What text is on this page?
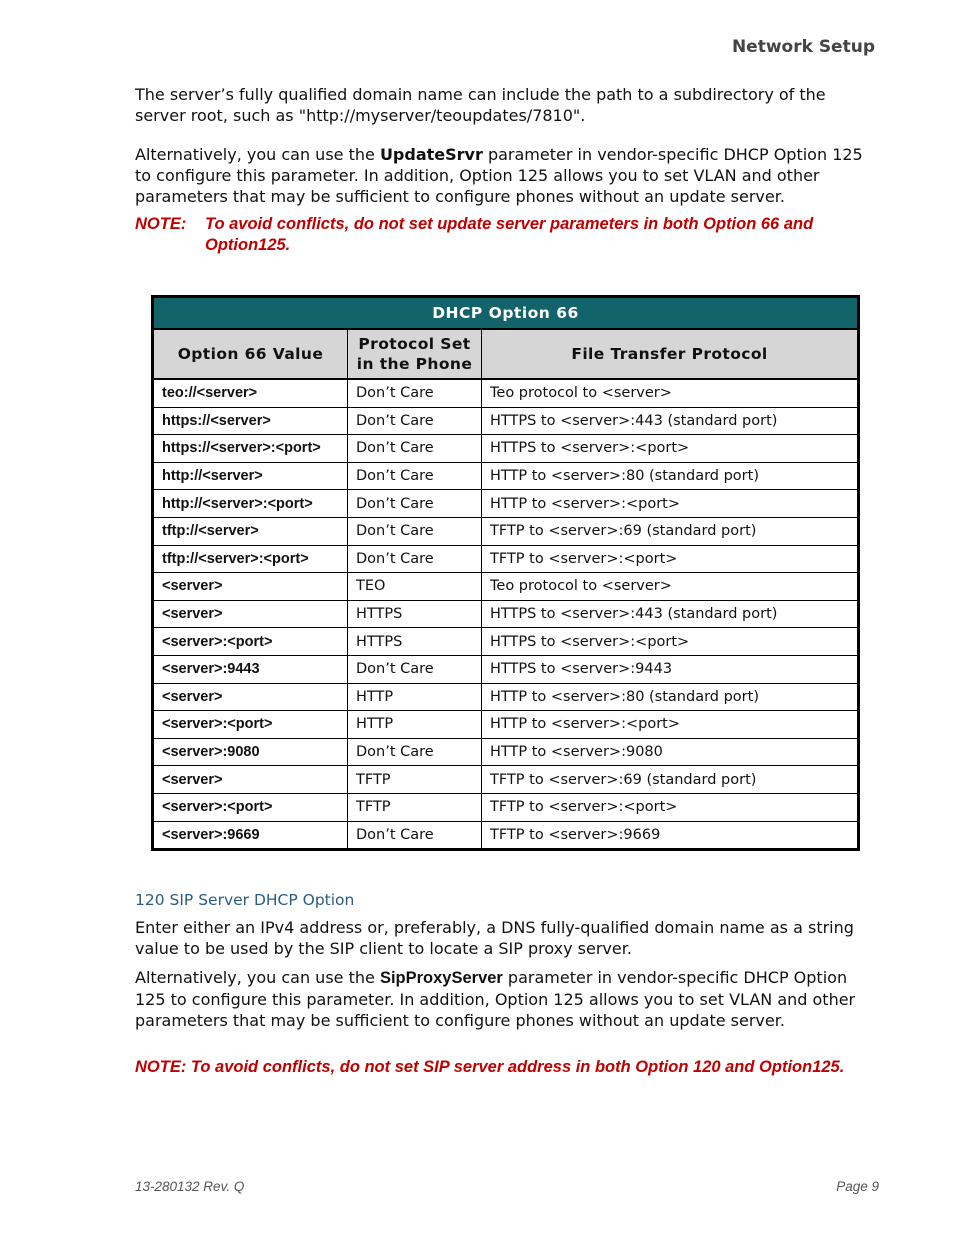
Network Setup
The server’s fully qualified domain name can include the path to a subdirectory of the server root, such as "http://myserver/teoupdates/7810".
Alternatively, you can use the UpdateSrvr parameter in vendor-specific DHCP Option 125 to configure this parameter. In addition, Option 125 allows you to set VLAN and other parameters that may be sufficient to configure phones without an update server.
NOTE: To avoid conflicts, do not set update server parameters in both Option 66 and Option125.
DHCP Option 66		
Option 66 Value	Protocol Set in the Phone	File Transfer Protocol
teo://<server>	Don’t Care	Teo protocol to <server>
https://<server>	Don’t Care	HTTPS to <server>:443 (standard port)
https://<server>:<port>	Don’t Care	HTTPS to <server>:<port>
http://<server>	Don’t Care	HTTP to <server>:80 (standard port)
http://<server>:<port>	Don’t Care	HTTP to <server>:<port>
tftp://<server>	Don’t Care	TFTP to <server>:69 (standard port)
tftp://<server>:<port>	Don’t Care	TFTP to <server>:<port>
<server>	TEO	Teo protocol to <server>
<server>	HTTPS	HTTPS to <server>:443 (standard port)
<server>:<port>	HTTPS	HTTPS to <server>:<port>
<server>:9443	Don’t Care	HTTPS to <server>:9443
<server>	HTTP	HTTP to <server>:80 (standard port)
<server>:<port>	HTTP	HTTP to <server>:<port>
<server>:9080	Don’t Care	HTTP to <server>:9080
<server>	TFTP	TFTP to <server>:69 (standard port)
<server>:<port>	TFTP	TFTP to <server>:<port>
<server>:9669	Don’t Care	TFTP to <server>:9669
120 SIP Server DHCP Option
Enter either an IPv4 address or, preferably, a DNS fully-qualified domain name as a string value to be used by the SIP client to locate a SIP proxy server.
Alternatively, you can use the SipProxyServer parameter in vendor-specific DHCP Option 125 to configure this parameter. In addition, Option 125 allows you to set VLAN and other parameters that may be sufficient to configure phones without an update server.
NOTE: To avoid conflicts, do not set SIP server address in both Option 120 and Option125.
13-280132 Rev. Q	Page 9
